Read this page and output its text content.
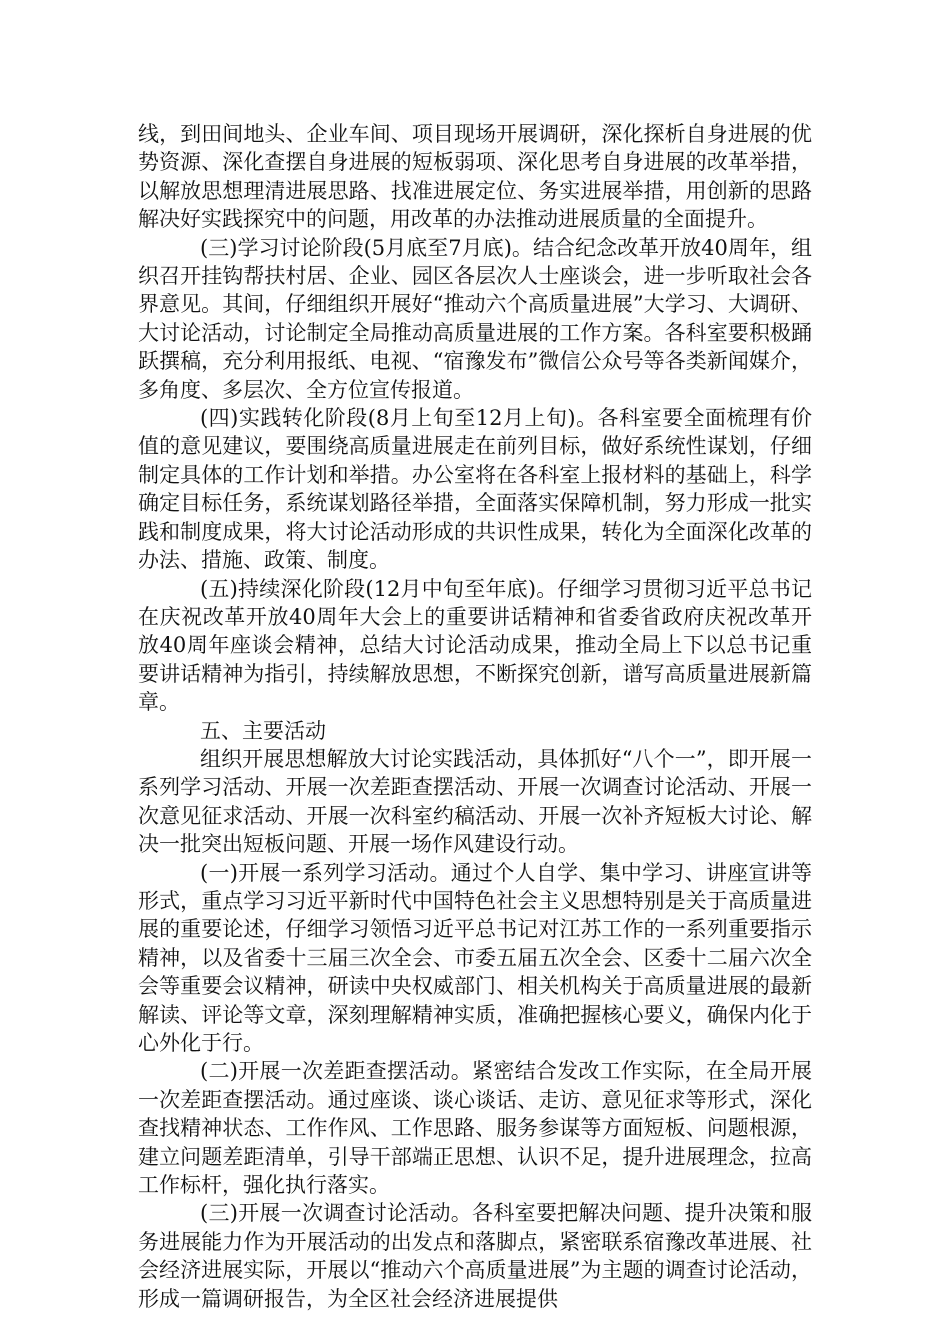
线，到田间地头、企业车间、项目现场开展调研，深化探析自身进展的优势资源、深化查摆自身进展的短板弱项、深化思考自身进展的改革举措，以解放思想理清进展思路、找准进展定位、务实进展举措，用创新的思路解决好实践探究中的问题，用改革的办法推动进展质量的全面提升。

(三)学习讨论阶段(5月底至7月底)。结合纪念改革开放40周年，组织召开挂钩帮扶村居、企业、园区各层次人士座谈会，进一步听取社会各界意见。其间，仔细组织开展好“推动六个高质量进展”大学习、大调研、大讨论活动，讨论制定全局推动高质量进展的工作方案。各科室要积极踊跃撰稿，充分利用报纸、电视、“宿豫发布”微信公众号等各类新闻媒介，多角度、多层次、全方位宣传报道。

(四)实践转化阶段(8月上旬至12月上旬)。各科室要全面梳理有价值的意见建议，要围绕高质量进展走在前列目标，做好系统性谋划，仔细制定具体的工作计划和举措。办公室将在各科室上报材料的基础上，科学确定目标任务，系统谋划路径举措，全面落实保障机制，努力形成一批实践和制度成果，将大讨论活动形成的共识性成果，转化为全面深化改革的办法、措施、政策、制度。

(五)持续深化阶段(12月中旬至年底)。仔细学习贯彻习近平总书记在庆祝改革开放40周年大会上的重要讲话精神和省委省政府庆祝改革开放40周年座谈会精神，总结大讨论活动成果，推动全局上下以总书记重要讲话精神为指引，持续解放思想，不断探究创新，谱写高质量进展新篇章。

五、主要活动

组织开展思想解放大讨论实践活动，具体抓好“八个一”，即开展一系列学习活动、开展一次差距查摆活动、开展一次调查讨论活动、开展一次意见征求活动、开展一次科室约稿活动、开展一次补齐短板大讨论、解决一批突出短板问题、开展一场作风建设行动。

(一)开展一系列学习活动。通过个人自学、集中学习、讲座宣讲等形式，重点学习习近平新时代中国特色社会主义思想特别是关于高质量进展的重要论述，仔细学习领悟习近平总书记对江苏工作的一系列重要指示精神，以及省委十三届三次全会、市委五届五次全会、区委十二届六次全会等重要会议精神，研读中央权威部门、相关机构关于高质量进展的最新解读、评论等文章，深刻理解精神实质，准确把握核心要义，确保内化于心外化于行。

(二)开展一次差距查摆活动。紧密结合发改工作实际，在全局开展一次差距查摆活动。通过座谈、谈心谈话、走访、意见征求等形式，深化查找精神状态、工作作风、工作思路、服务参谋等方面短板、问题根源，建立问题差距清单，引导干部端正思想、认识不足，提升进展理念，拉高工作标杆，强化执行落实。

(三)开展一次调查讨论活动。各科室要把解决问题、提升决策和服务进展能力作为开展活动的出发点和落脚点，紧密联系宿豫改革进展、社会经济进展实际，开展以“推动六个高质量进展”为主题的调查讨论活动，形成一篇调研报告，为全区社会经济进展提供
